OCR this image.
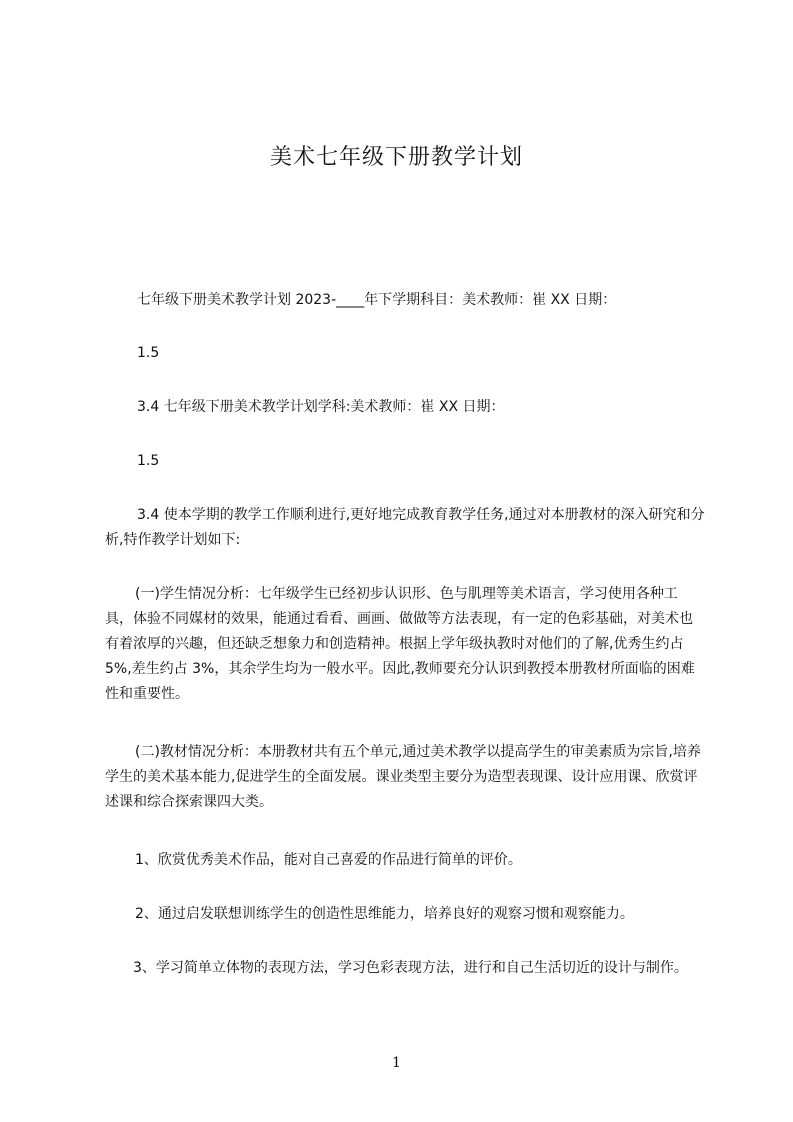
美术七年级下册教学计划
七年级下册美术教学计划 2023-____年下学期科目：美术教师：崔 XX 日期：
1.5
3.4 七年级下册美术教学计划学科:美术教师：崔 XX 日期：
1.5
3.4 使本学期的教学工作顺利进行,更好地完成教育教学任务,通过对本册教材的深入研究和分析,特作教学计划如下:
(一)学生情况分析：七年级学生已经初步认识形、色与肌理等美术语言，学习使用各种工具，体验不同媒材的效果，能通过看看、画画、做做等方法表现，有一定的色彩基础，对美术也有着浓厚的兴趣，但还缺乏想象力和创造精神。根据上学年级执教时对他们的了解,优秀生约占 5%,差生约占 3%，其余学生均为一般水平。因此,教师要充分认识到教授本册教材所面临的困难性和重要性。
(二)教材情况分析：本册教材共有五个单元,通过美术教学以提高学生的审美素质为宗旨,培养学生的美术基本能力,促进学生的全面发展。课业类型主要分为造型表现课、设计应用课、欣赏评述课和综合探索课四大类。
1、欣赏优秀美术作品，能对自己喜爱的作品进行简单的评价。
2、通过启发联想训练学生的创造性思维能力，培养良好的观察习惯和观察能力。
3、学习简单立体物的表现方法，学习色彩表现方法，进行和自己生活切近的设计与制作。
1
